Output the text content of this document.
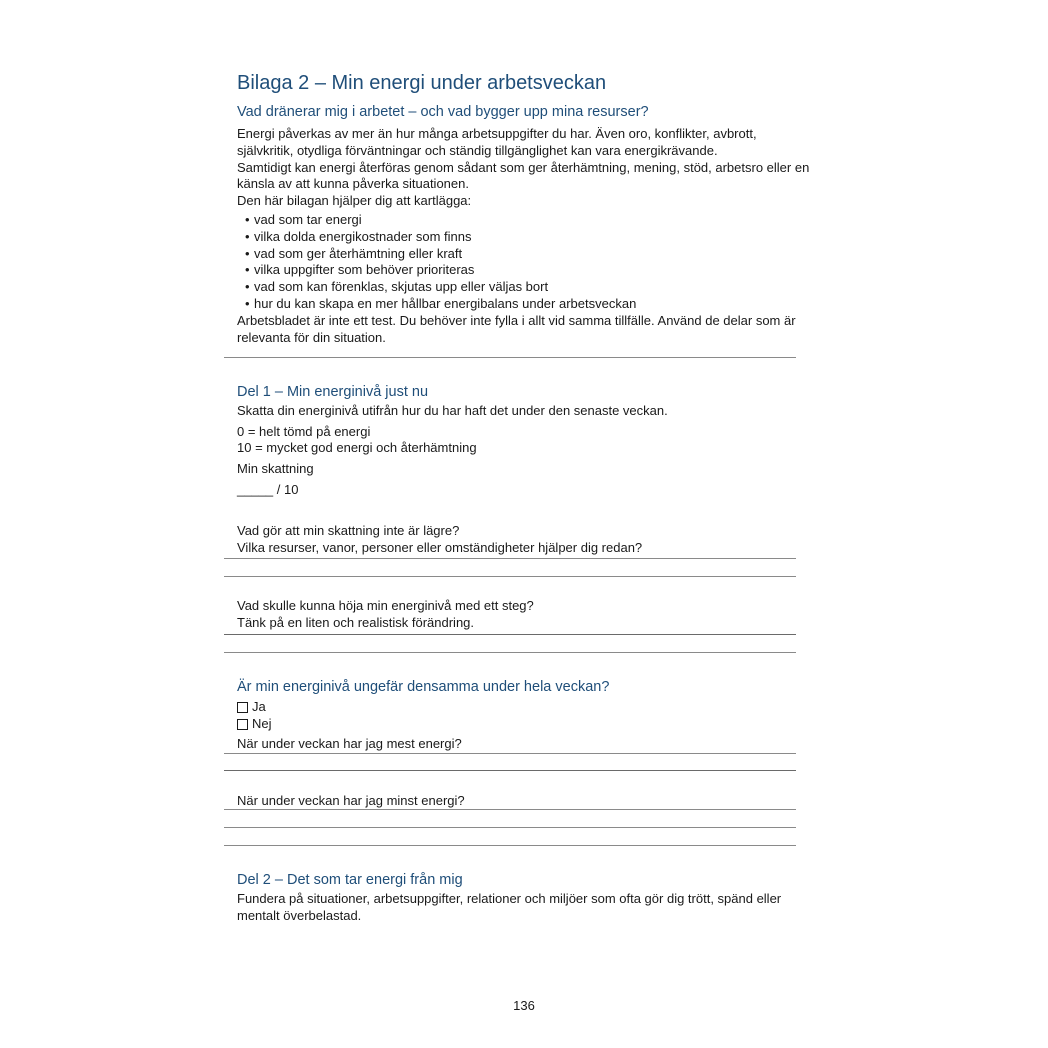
Bilaga 2 – Min energi under arbetsveckan
Vad dränerar mig i arbetet – och vad bygger upp mina resurser?

Energi påverkas av mer än hur många arbetsuppgifter du har. Även oro, konflikter, avbrott, självkritik, otydliga förväntningar och ständig tillgänglighet kan vara energikrävande.

Samtidigt kan energi återföras genom sådant som ger återhämtning, mening, stöd, arbetsro eller en känsla av att kunna påverka situationen.

Den här bilagan hjälper dig att kartlägga:

• vad som tar energi
• vilka dolda energikostnader som finns
• vad som ger återhämtning eller kraft
• vilka uppgifter som behöver prioriteras
• vad som kan förenklas, skjutas upp eller väljas bort
• hur du kan skapa en mer hållbar energibalans under arbetsveckan

Arbetsbladet är inte ett test. Du behöver inte fylla i allt vid samma tillfälle. Använd de delar som är relevanta för din situation.

Del 1 – Min energinivå just nu
Skatta din energinivå utifrån hur du har haft det under den senaste veckan.
0 = helt tömd på energi
10 = mycket god energi och återhämtning
Min skattning
_____ / 10
Vad gör att min skattning inte är lägre?
Vilka resurser, vanor, personer eller omständigheter hjälper dig redan?
Vad skulle kunna höja min energinivå med ett steg?
Tänk på en liten och realistisk förändring.
Är min energinivå ungefär densamma under hela veckan?
Ja
Nej
När under veckan har jag mest energi?
När under veckan har jag minst energi?
Del 2 – Det som tar energi från mig
Fundera på situationer, arbetsuppgifter, relationer och miljöer som ofta gör dig trött, spänd eller mentalt överbelastad.
136
